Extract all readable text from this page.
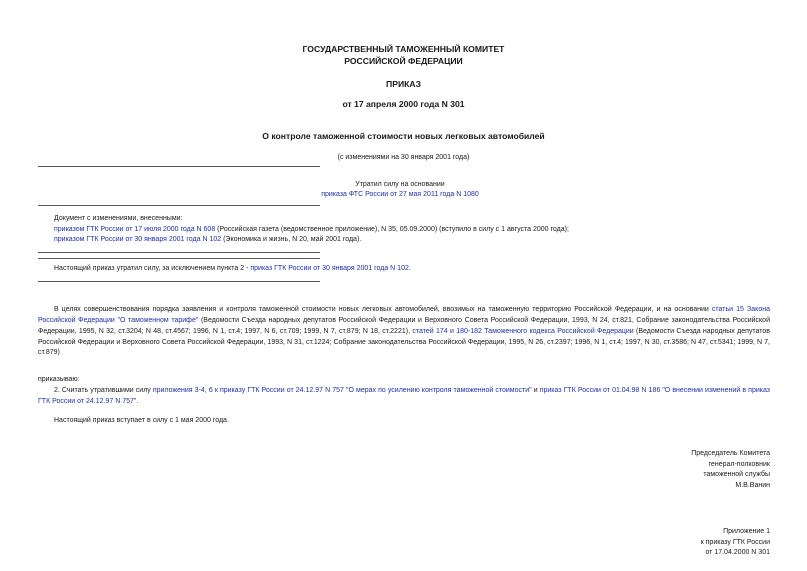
ГОСУДАРСТВЕННЫЙ ТАМОЖЕННЫЙ КОМИТЕТ
РОССИЙСКОЙ ФЕДЕРАЦИИ
ПРИКАЗ
от 17 апреля 2000 года N 301
О контроле таможенной стоимости новых легковых автомобилей
(с изменениями на 30 января 2001 года)
Утратил силу на основании
приказа ФТС России от 27 мая 2011 года N 1080
Документ с изменениями, внесенными:
приказом ГТК России от 17 июля 2000 года N 608 (Российская газета (ведомственное приложение), N 35, 05.09.2000) (вступило в силу с 1 августа 2000 года);
приказом ГТК России от 30 января 2001 года N 102 (Экономика и жизнь, N 20, май 2001 года).
Настоящий приказ утратил силу, за исключением пункта 2 - приказ ГТК России от 30 января 2001 года N 102.
В целях совершенствования порядка заявления и контроля таможенной стоимости новых легковых автомобилей, ввозимых на таможенную территорию Российской Федерации, и на основании статьи 15 Закона Российской Федерации "О таможенном тарифе" (Ведомости Съезда народных депутатов Российской Федерации и Верховного Совета Российской Федерации, 1993, N 24, ст.821, Собрание законодательства Российской Федерации, 1995, N 32, ст.3204; N 48, ст.4567; 1996, N 1, ст.4; 1997, N 6, ст.709; 1999, N 7, ст.879; N 18, ст.2221), статей 174 и 180-182 Таможенного кодекса Российской Федерации (Ведомости Съезда народных депутатов Российской Федерации и Верховного Совета Российской Федерации, 1993, N 31, ст.1224; Собрание законодательства Российской Федерации, 1995, N 26, ст.2397; 1996, N 1, ст.4; 1997, N 30, ст.3586; N 47, ст.5341; 1999, N 7, ст.879)
приказываю:
2. Считать утратившими силу приложения 3-4, 6 к приказу ГТК России от 24.12.97 N 757 "О мерах по усилению контроля таможенной стоимости" и приказ ГТК России от 01.04.98 N 186 "О внесении изменений в приказ ГТК России от 24.12.97 N 757".
Настоящий приказ вступает в силу с 1 мая 2000 года.
Председатель Комитета
генерал-полковник
таможенной службы
М.В.Ванин
Приложение 1
к приказу ГТК России
от 17.04.2000 N 301
